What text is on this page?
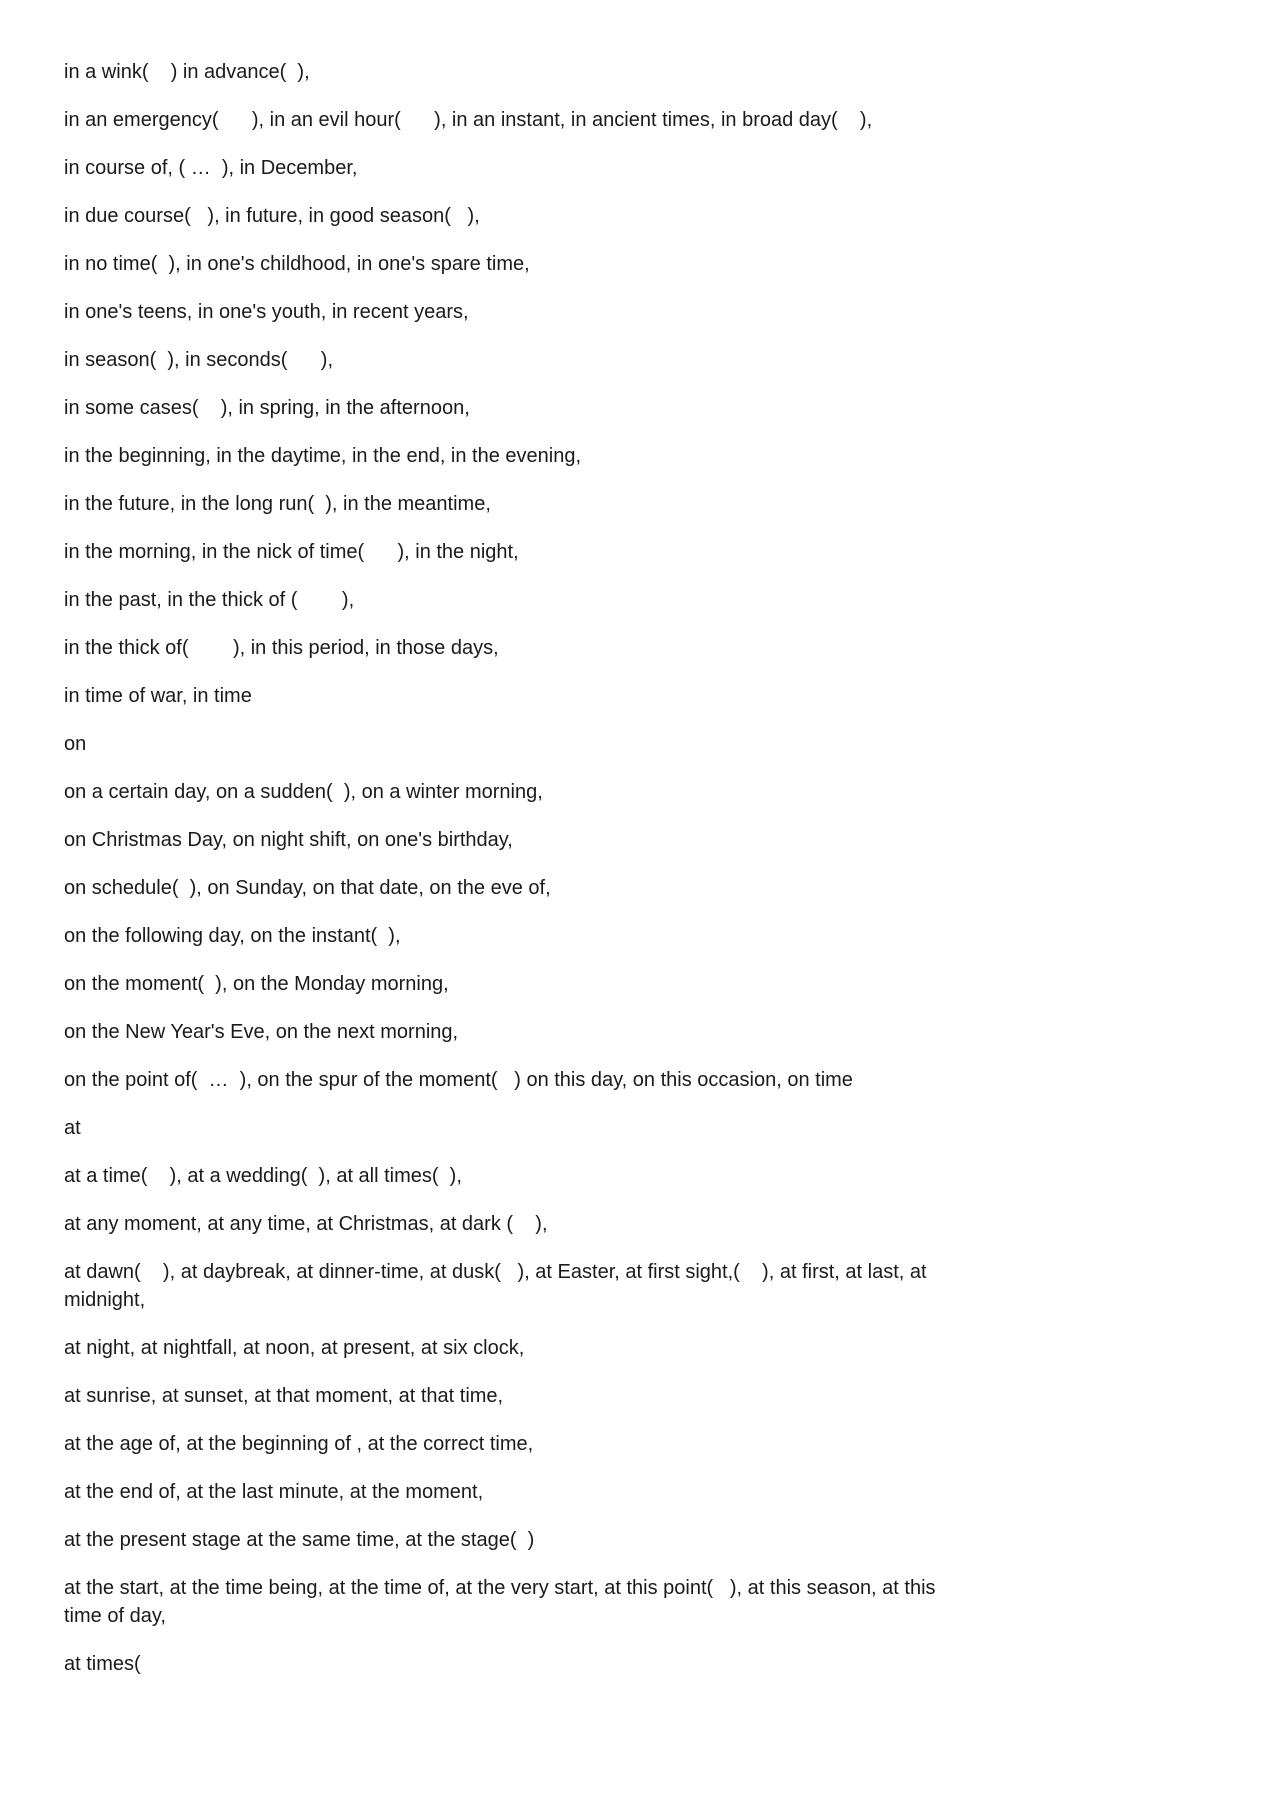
in a wink(    ) in advance(  ),

in an emergency(      ), in an evil hour(      ), in an instant, in ancient times, in broad day(    ),

in course of, ( …  ), in December,

in due course(   ), in future, in good season(   ),

in no time(  ), in one's childhood, in one's spare time,

in one's teens, in one's youth, in recent years,

in season(  ), in seconds(      ),

in some cases(    ), in spring, in the afternoon,

in the beginning, in the daytime, in the end, in the evening,

in the future, in the long run(  ), in the meantime,

in the morning, in the nick of time(      ), in the night,

in the past, in the thick of (        ),

in the thick of(        ), in this period, in those days,

in time of war, in time

on

on a certain day, on a sudden(  ), on a winter morning,

on Christmas Day, on night shift, on one's birthday,

on schedule(  ), on Sunday, on that date, on the eve of,

on the following day, on the instant(  ),

on the moment(  ), on the Monday morning,

on the New Year's Eve, on the next morning,

on the point of(  …  ), on the spur of the moment(   ) on this day, on this occasion, on time

at

at a time(    ), at a wedding(  ), at all times(  ),

at any moment, at any time, at Christmas, at dark (    ),

at dawn(    ), at daybreak, at dinner-time, at dusk(   ), at Easter, at first sight,(    ), at first, at last, at midnight,

at night, at nightfall, at noon, at present, at six clock,

at sunrise, at sunset, at that moment, at that time,

at the age of, at the beginning of , at the correct time,

at the end of, at the last minute, at the moment,

at the present stage at the same time, at the stage(  )

at the start, at the time being, at the time of, at the very start, at this point(   ), at this season, at this time of day,

at times(
